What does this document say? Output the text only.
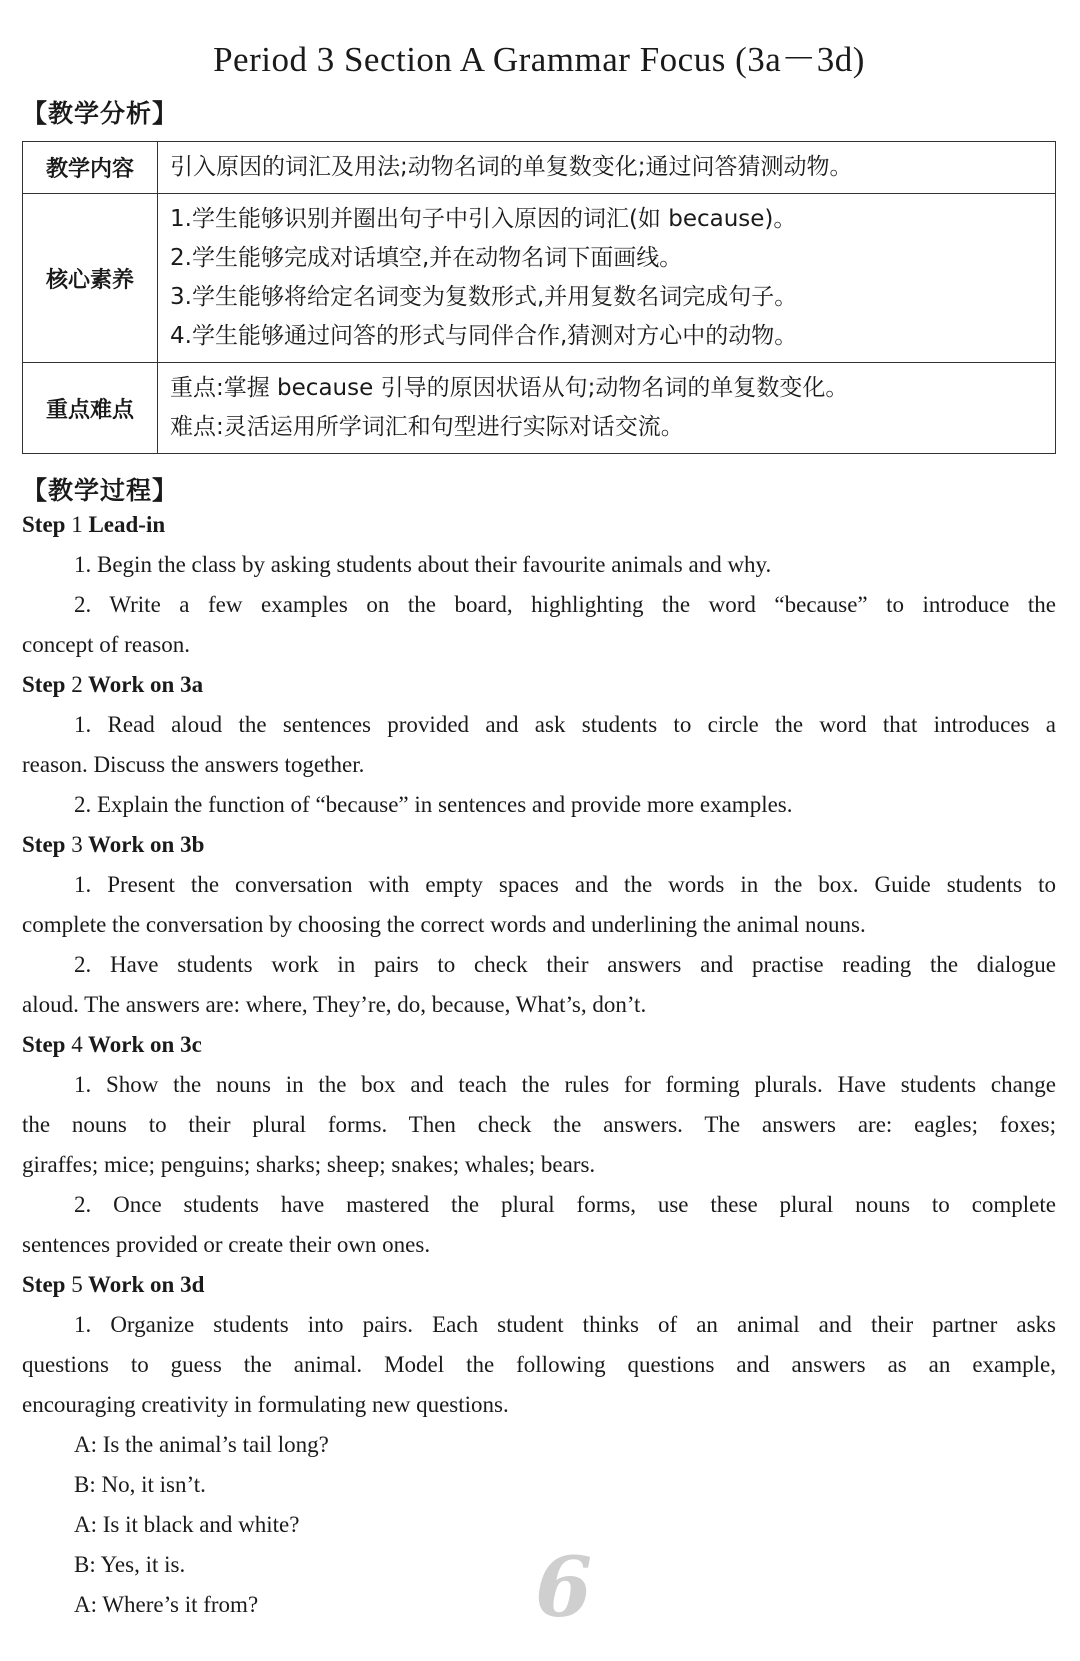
Period 3 Section A Grammar Focus (3a－3d)
【教学分析】
教学内容	引入原因的词汇及用法;动物名词的单复数变化;通过问答猜测动物。

核心素养	1.学生能够识别并圈出句子中引入原因的词汇(如 because)。
2.学生能够完成对话填空,并在动物名词下面画线。
3.学生能够将给定名词变为复数形式,并用复数名词完成句子。
4.学生能够通过问答的形式与同伴合作,猜测对方心中的动物。

重点难点	重点:掌握 because 引导的原因状语从句;动物名词的单复数变化。
难点:灵活运用所学词汇和句型进行实际对话交流。
【教学过程】
Step 1 Lead-in
1. Begin the class by asking students about their favourite animals and why.
2. Write a few examples on the board, highlighting the word “because” to introduce the
concept of reason.
Step 2 Work on 3a
1. Read aloud the sentences provided and ask students to circle the word that introduces a
reason. Discuss the answers together.
2. Explain the function of “because” in sentences and provide more examples.
Step 3 Work on 3b
1. Present the conversation with empty spaces and the words in the box. Guide students to
complete the conversation by choosing the correct words and underlining the animal nouns.
2. Have students work in pairs to check their answers and practise reading the dialogue
aloud. The answers are: where, They’re, do, because, What’s, don’t.
Step 4 Work on 3c
1. Show the nouns in the box and teach the rules for forming plurals. Have students change
the nouns to their plural forms. Then check the answers. The answers are: eagles; foxes;
giraffes; mice; penguins; sharks; sheep; snakes; whales; bears.
2. Once students have mastered the plural forms, use these plural nouns to complete
sentences provided or create their own ones.
Step 5 Work on 3d
1. Organize students into pairs. Each student thinks of an animal and their partner asks
questions to guess the animal. Model the following questions and answers as an example,
encouraging creativity in formulating new questions.
A: Is the animal’s tail long?
B: No, it isn’t.
A: Is it black and white?
B: Yes, it is.
A: Where’s it from?	6
